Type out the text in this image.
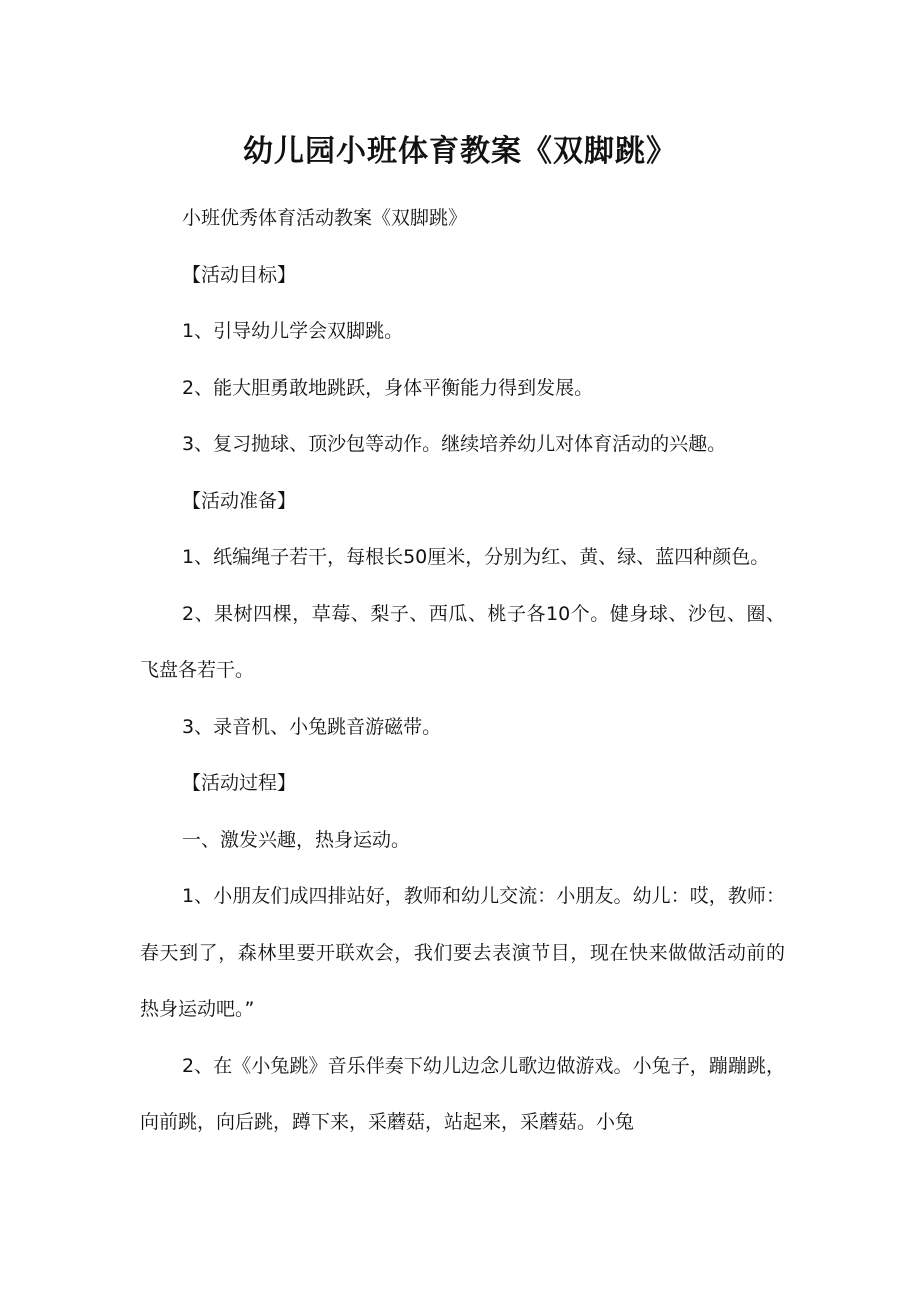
幼儿园小班体育教案《双脚跳》

小班优秀体育活动教案《双脚跳》

【活动目标】

1、引导幼儿学会双脚跳。

2、能大胆勇敢地跳跃，身体平衡能力得到发展。

3、复习抛球、顶沙包等动作。继续培养幼儿对体育活动的兴趣。

【活动准备】

1、纸编绳子若干，每根长50厘米，分别为红、黄、绿、蓝四种颜色。

2、果树四棵，草莓、梨子、西瓜、桃子各10个。健身球、沙包、圈、飞盘各若干。

3、录音机、小兔跳音游磁带。

【活动过程】

一、激发兴趣，热身运动。

1、小朋友们成四排站好，教师和幼儿交流：小朋友。幼儿：哎，教师：春天到了，森林里要开联欢会，我们要去表演节目，现在快来做做活动前的热身运动吧。”

2、在《小兔跳》音乐伴奏下幼儿边念儿歌边做游戏。小兔子，蹦蹦跳，向前跳，向后跳，蹲下来，采蘑菇，站起来，采蘑菇。小兔
